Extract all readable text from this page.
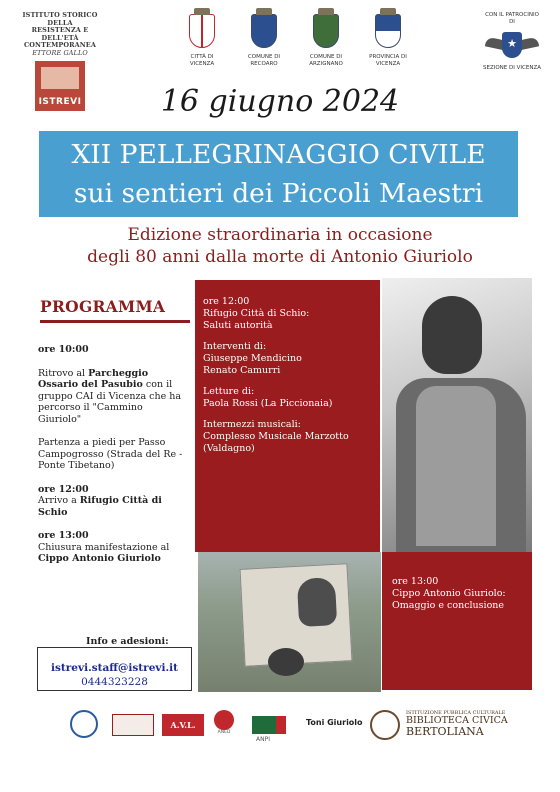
ISTITUTO STORICO DELLA
RESISTENZA E DELL'ETÀ
CONTEMPORANEA
ETTORE GALLO
ISTREVI
CITTÀ DI VICENZA
COMUNE DI RECOARO
COMUNE DI ARZIGNANO
PROVINCIA DI VICENZA
CON IL PATROCINIO DI
★
SEZIONE DI VICENZA
16 giugno 2024
XII PELLEGRINAGGIO CIVILE
sui sentieri dei Piccoli Maestri
Edizione straordinaria in occasione
degli 80 anni dalla morte di Antonio Giuriolo
PROGRAMMA

ore 10:00

Ritrovo al Parcheggio Ossario del Pasubio con il gruppo CAI di Vicenza che ha percorso il "Cammino Giuriolo"

Partenza a piedi per Passo Campogrosso (Strada del Re - Ponte Tibetano)

ore 12:00

Arrivo a Rifugio Città di Schio

ore 13:00

Chiusura manifestazione al Cippo Antonio Giuriolo

ore 12:00
Rifugio Città di Schio:
Saluti autorità

Interventi di:
Giuseppe Mendicino
Renato Camurri

Letture di:
Paola Rossi (La Piccionaia)

Intermezzi musicali:
Complesso Musicale Marzotto (Valdagno)

ore 13:00
Cippo Antonio Giuriolo:
Omaggio e conclusione
Info e adesioni:
istrevi.staff@istrevi.it
0444323228
A.V.L.
ANED
ANPI
Toni Giuriolo
ISTITUZIONE PUBBLICA CULTURALE
BIBLIOTECA CIVICA
BERTOLIANA
